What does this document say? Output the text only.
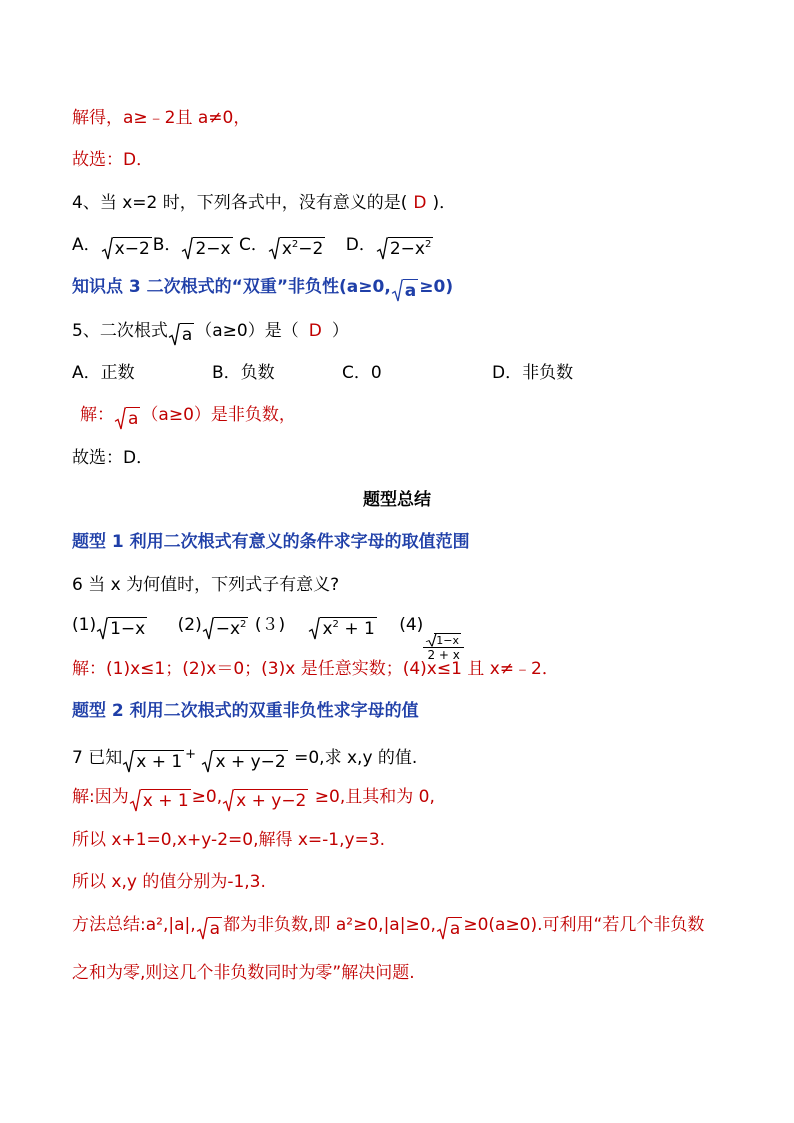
解得，a≥﹣2且 a≠0，
故选：D．
4、当 x=2 时，下列各式中，没有意义的是( D )．
A． x−2 B． 2−x C． $x^2-2$ D． $2-x^2$
知识点 3 二次根式的“双重”非负性(a≥0, a ≥0)
5、二次根式 a （a≥0）是（ D ）
A．正数	B．负数	C．0	D．非负数
解： a （a≥0）是非负数，
故选：D．
题型总结
题型 1 利用二次根式有意义的条件求字母的取值范围
6 当 x 为何值时，下列式子有意义?
(1) 1−x $(2) -x^2$ (３) $x^2 + 1$ (4)
$\frac{1-x}{2 + x}$
解：(1)x≤1；(2)x＝0；(3)x 是任意实数；(4)x≤1 且 x≠﹣2．
题型 2 利用二次根式的双重非负性求字母的值
7 已知 x + 1 + x + y−2 =0,求 x,y 的值.
解:因为 x + 1 ≥0, x + y−2 ≥0,且其和为 0,
所以 x+1=0,x+y-2=0,解得 x=-1,y=3.
所以 x,y 的值分别为-1,3.
方法总结:a²,|a|, a 都为非负数,即 a²≥0,|a|≥0, a ≥0(a≥0).可利用“若几个非负数
之和为零,则这几个非负数同时为零”解决问题.
